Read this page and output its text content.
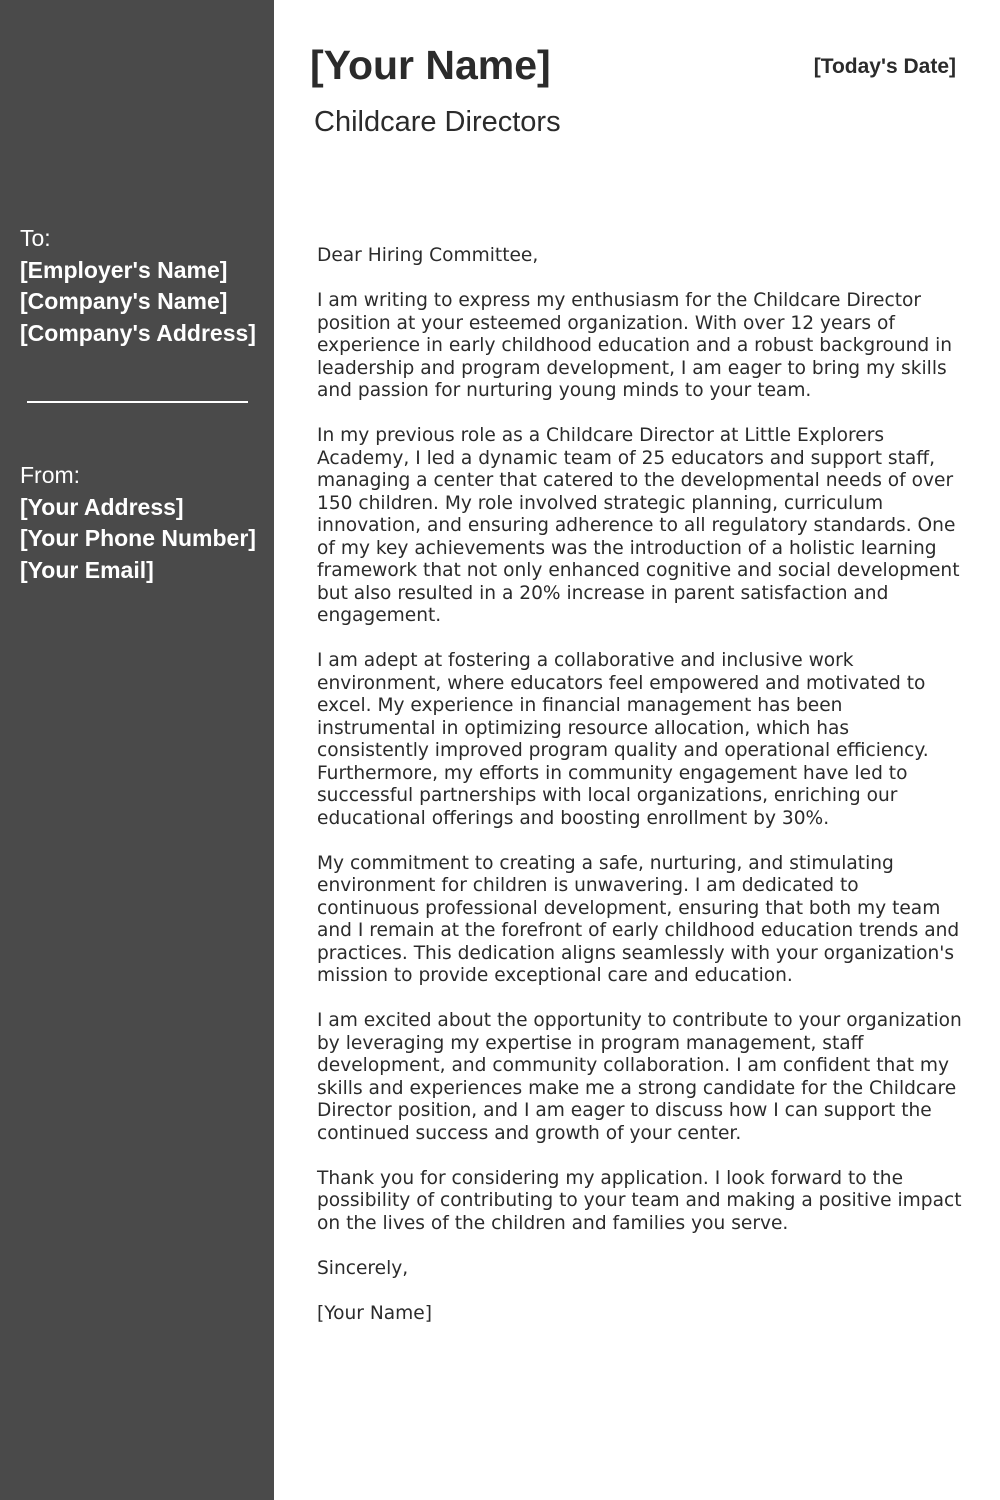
To:
[Employer's Name]
[Company's Name]
[Company's Address]
From:
[Your Address]
[Your Phone Number]
[Your Email]
[Your Name]	[Today's Date]
Childcare Directors

Dear Hiring Committee,

I am writing to express my enthusiasm for the Childcare Director position at your esteemed organization. With over 12 years of experience in early childhood education and a robust background in leadership and program development, I am eager to bring my skills and passion for nurturing young minds to your team.

In my previous role as a Childcare Director at Little Explorers Academy, I led a dynamic team of 25 educators and support staff, managing a center that catered to the developmental needs of over 150 children. My role involved strategic planning, curriculum innovation, and ensuring adherence to all regulatory standards. One of my key achievements was the introduction of a holistic learning framework that not only enhanced cognitive and social development but also resulted in a 20% increase in parent satisfaction and engagement.

I am adept at fostering a collaborative and inclusive work environment, where educators feel empowered and motivated to excel. My experience in financial management has been instrumental in optimizing resource allocation, which has consistently improved program quality and operational efficiency. Furthermore, my efforts in community engagement have led to successful partnerships with local organizations, enriching our educational offerings and boosting enrollment by 30%.

My commitment to creating a safe, nurturing, and stimulating environment for children is unwavering. I am dedicated to continuous professional development, ensuring that both my team and I remain at the forefront of early childhood education trends and practices. This dedication aligns seamlessly with your organization's mission to provide exceptional care and education.

I am excited about the opportunity to contribute to your organization by leveraging my expertise in program management, staff development, and community collaboration. I am confident that my skills and experiences make me a strong candidate for the Childcare Director position, and I am eager to discuss how I can support the continued success and growth of your center.

Thank you for considering my application. I look forward to the possibility of contributing to your team and making a positive impact on the lives of the children and families you serve.

Sincerely,

[Your Name]
